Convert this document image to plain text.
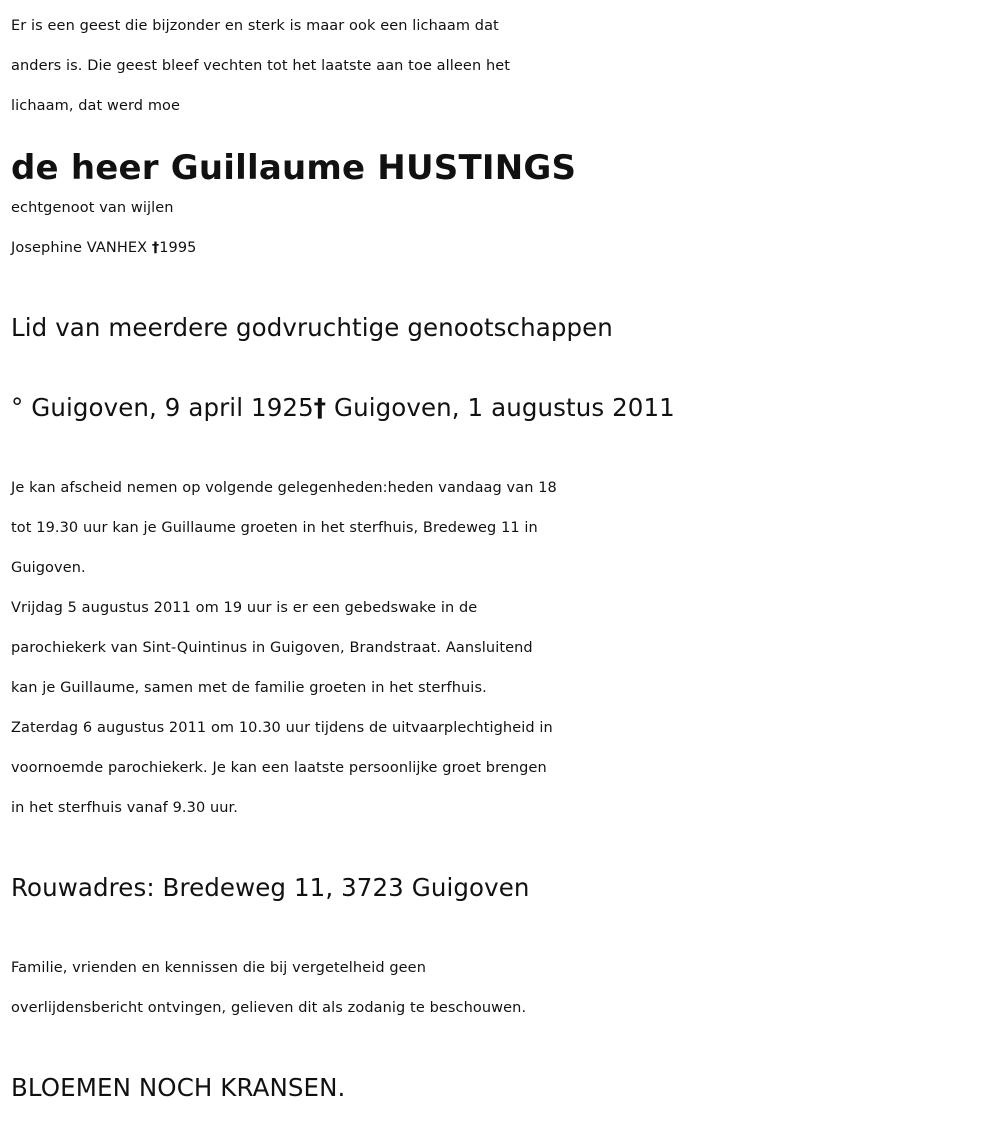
Er is een geest die bijzonder en sterk is maar ook een lichaam dat
anders is. Die geest bleef vechten tot het laatste aan toe alleen het
lichaam, dat werd moe
de heer Guillaume HUSTINGS
echtgenoot van wijlen
Josephine VANHEX †1995
Lid van meerdere godvruchtige genootschappen
° Guigoven, 9 april 1925† Guigoven, 1 augustus 2011
Je kan afscheid nemen op volgende gelegenheden:heden vandaag van 18
tot 19.30 uur kan je Guillaume groeten in het sterfhuis, Bredeweg 11 in
Guigoven.
Vrijdag 5 augustus 2011 om 19 uur is er een gebedswake in de
parochiekerk van Sint-Quintinus in Guigoven, Brandstraat. Aansluitend
kan je Guillaume, samen met de familie groeten in het sterfhuis.
Zaterdag 6 augustus 2011 om 10.30 uur tijdens de uitvaarplechtigheid in
voornoemde parochiekerk. Je kan een laatste persoonlijke groet brengen
in het sterfhuis vanaf 9.30 uur.
Rouwadres: Bredeweg 11, 3723 Guigoven
Familie, vrienden en kennissen die bij vergetelheid geen
overlijdensbericht ontvingen, gelieven dit als zodanig te beschouwen.
BLOEMEN NOCH KRANSEN.
